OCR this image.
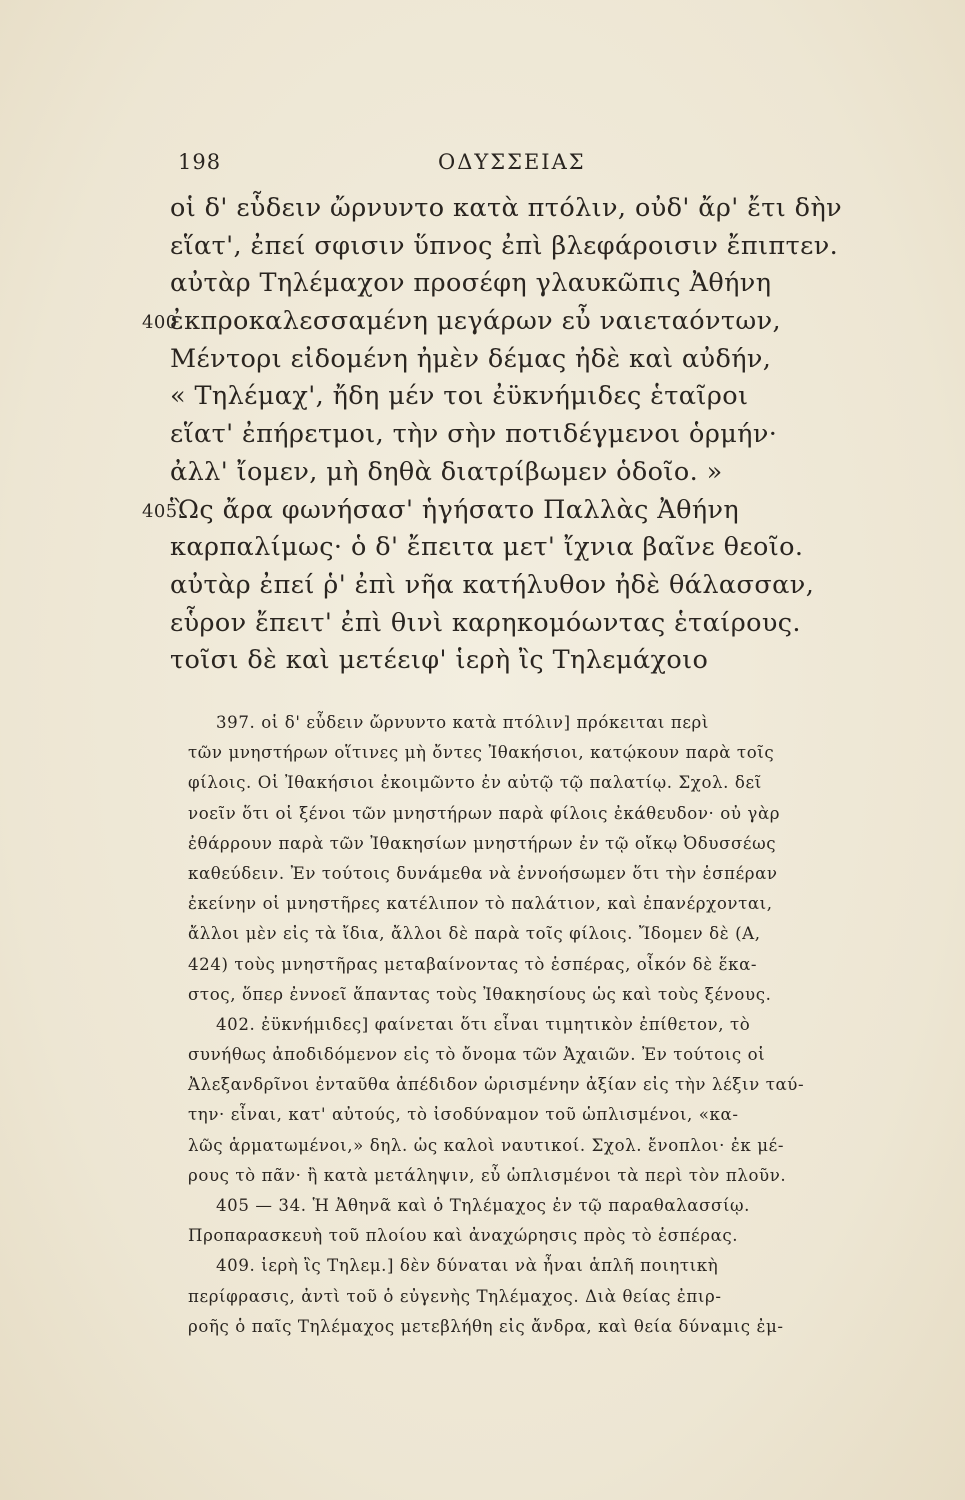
198	ΟΔΥΣΣΕΙΑΣ
οἱ δ' εὗδειν ὤρνυντο κατὰ πτόλιν, οὐδ' ἄρ' ἔτι δὴν
εἵατ', ἐπεί σφισιν ὕπνος ἐπὶ βλεφάροισιν ἔπιπτεν.
αὐτὰρ Τηλέμαχον προσέφη γλαυκῶπις Ἀθήνη
400
ἐκπροκαλεσσαμένη μεγάρων εὖ ναιεταόντων,
Μέντορι εἰδομένη ἠμὲν δέμας ἠδὲ καὶ αὐδήν,
« Τηλέμαχ', ἤδη μέν τοι ἐϋκνήμιδες ἑταῖροι
εἵατ' ἐπήρετμοι, τὴν σὴν ποτιδέγμενοι ὁρμήν·
ἀλλ' ἴομεν, μὴ δηθὰ διατρίβωμεν ὁδοῖο. »
405
Ὣς ἄρα φωνήσασ' ἡγήσατο Παλλὰς Ἀθήνη
καρπαλίμως· ὁ δ' ἔπειτα μετ' ἴχνια βαῖνε θεοῖο.
αὐτὰρ ἐπεί ῥ' ἐπὶ νῆα κατήλυθον ἠδὲ θάλασσαν,
εὗρον ἔπειτ' ἐπὶ θινὶ καρηκομόωντας ἑταίρους.
τοῖσι δὲ καὶ μετέειφ' ἱερὴ ἲς Τηλεμάχοιο
397. οἱ δ' εὗδειν ὤρνυντο κατὰ πτόλιν] πρόκειται περὶ
τῶν μνηστήρων οἵτινες μὴ ὄντες Ἰθακήσιοι, κατῴκουν παρὰ τοῖς
φίλοις. Οἱ Ἰθακήσιοι ἐκοιμῶντο ἐν αὐτῷ τῷ παλατίῳ. Σχολ. δεῖ
νοεῖν ὅτι οἱ ξένοι τῶν μνηστήρων παρὰ φίλοις ἐκάθευδον· οὐ γὰρ
ἐθάρρουν παρὰ τῶν Ἰθακησίων μνηστήρων ἐν τῷ οἴκῳ Ὀδυσσέως
καθεύδειν. Ἐν τούτοις δυνάμεθα νὰ ἐννοήσωμεν ὅτι τὴν ἑσπέραν
ἐκείνην οἱ μνηστῆρες κατέλιπον τὸ παλάτιον, καὶ ἐπανέρχονται,
ἄλλοι μὲν εἰς τὰ ἴδια, ἄλλοι δὲ παρὰ τοῖς φίλοις. Ἴδομεν δὲ (Α,
424) τοὺς μνηστῆρας μεταβαίνοντας τὸ ἑσπέρας, οἶκόν δὲ ἕκα-
στος, ὅπερ ἐννοεῖ ἅπαντας τοὺς Ἰθακησίους ὡς καὶ τοὺς ξένους.
402. ἐϋκνήμιδες] φαίνεται ὅτι εἶναι τιμητικὸν ἐπίθετον, τὸ
συνήθως ἀποδιδόμενον εἰς τὸ ὄνομα τῶν Ἀχαιῶν. Ἐν τούτοις οἱ
Ἀλεξανδρῖνοι ἐνταῦθα ἀπέδιδον ὡρισμένην ἀξίαν εἰς τὴν λέξιν ταύ-
την· εἶναι, κατ' αὐτούς, τὸ ἰσοδύναμον τοῦ ὡπλισμένοι, «κα-
λῶς ἁρματωμένοι,» δηλ. ὡς καλοὶ ναυτικοί. Σχολ. ἔνοπλοι· ἐκ μέ-
ρους τὸ πᾶν· ἢ κατὰ μετάληψιν, εὖ ὡπλισμένοι τὰ περὶ τὸν πλοῦν.
405 — 34. Ἡ Ἀθηνᾶ καὶ ὁ Τηλέμαχος ἐν τῷ παραθαλασσίῳ.
Προπαρασκευὴ τοῦ πλοίου καὶ ἀναχώρησις πρὸς τὸ ἑσπέρας.
409. ἱερὴ ἲς Τηλεμ.] δὲν δύναται νὰ ἦναι ἁπλῆ ποιητικὴ
περίφρασις, ἀντὶ τοῦ ὁ εὐγενὴς Τηλέμαχος. Διὰ θείας ἐπιρ-
ροῆς ὁ παῖς Τηλέμαχος μετεβλήθη εἰς ἄνδρα, καὶ θεία δύναμις ἐμ-
